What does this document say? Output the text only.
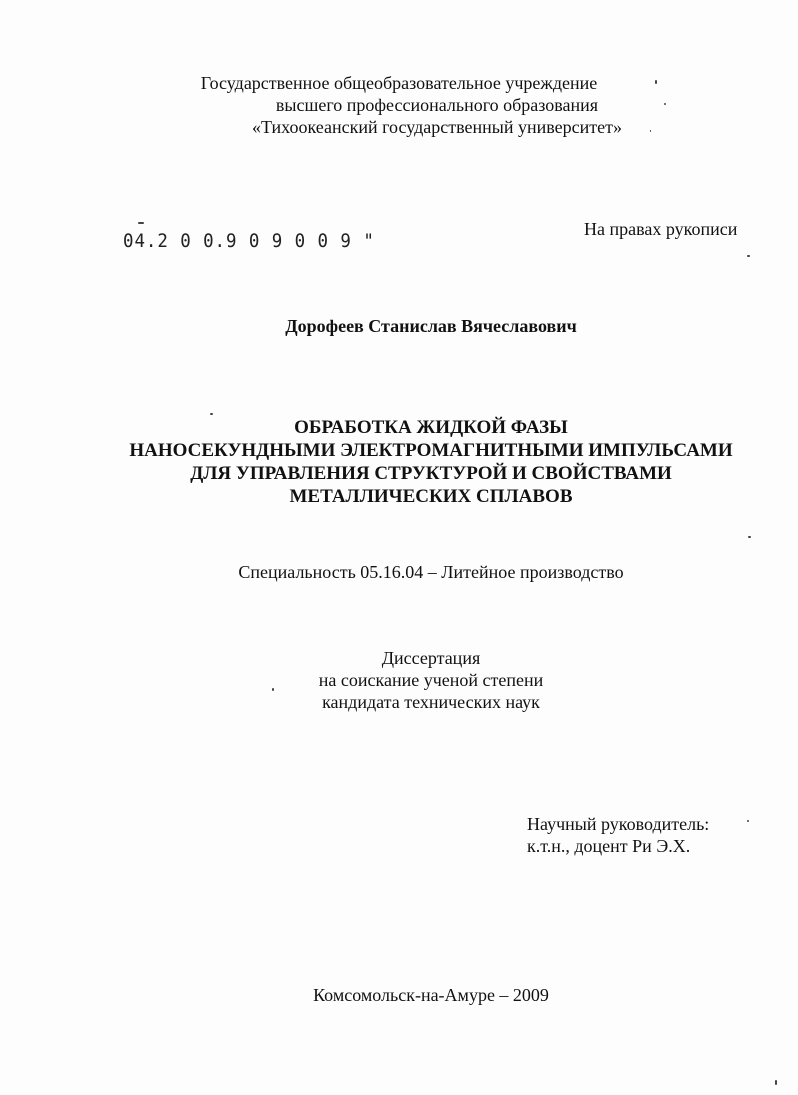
Государственное общеобразовательное учреждение
высшего профессионального образования
«Тихоокеанский государственный университет»
04.2 0 0.9 0 9 0 0 9 "
На правах рукописи
Дорофеев Станислав Вячеславович
ОБРАБОТКА ЖИДКОЙ ФАЗЫ
НАНОСЕКУНДНЫМИ ЭЛЕКТРОМАГНИТНЫМИ ИМПУЛЬСАМИ
ДЛЯ УПРАВЛЕНИЯ СТРУКТУРОЙ И СВОЙСТВАМИ
МЕТАЛЛИЧЕСКИХ СПЛАВОВ
Специальность 05.16.04 – Литейное производство
Диссертация
на соискание ученой степени
кандидата технических наук
Научный руководитель:
к.т.н., доцент Ри Э.Х.
Комсомольск-на-Амуре – 2009
